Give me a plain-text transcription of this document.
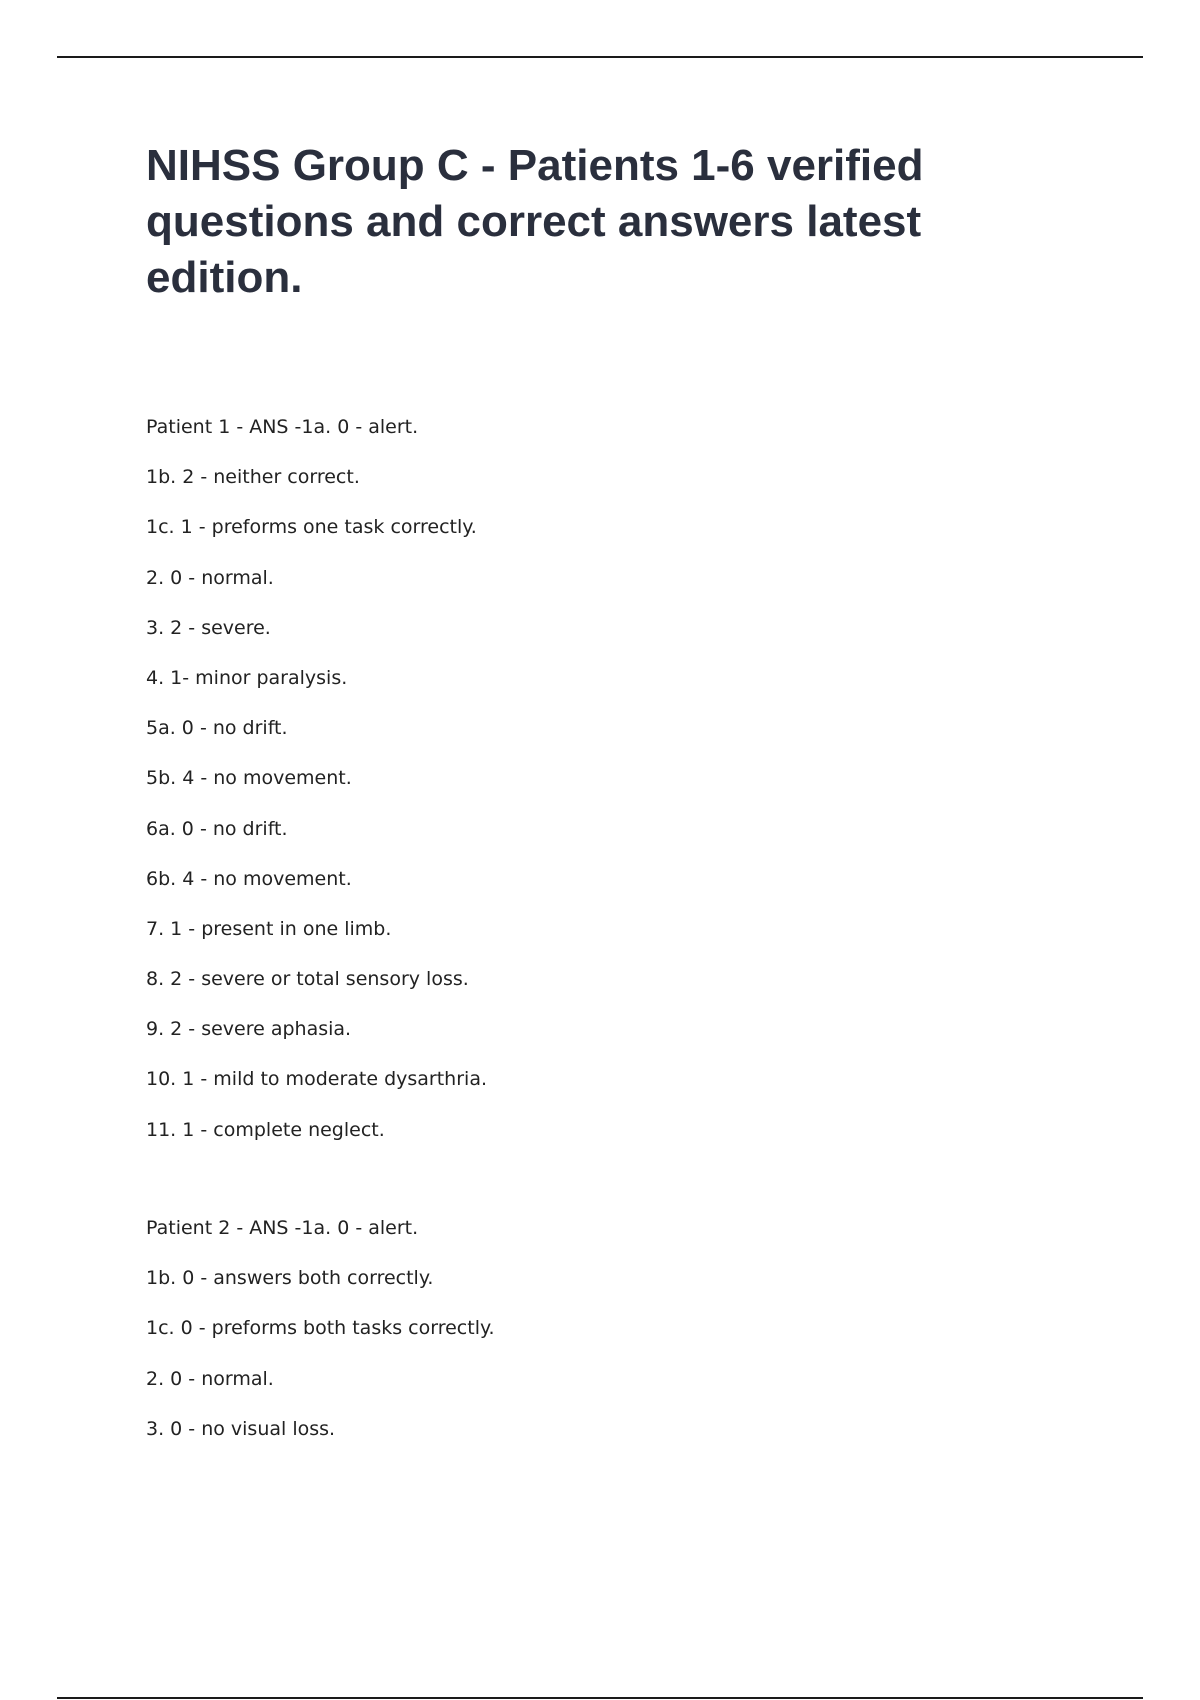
NIHSS Group C - Patients 1-6 verified questions and correct answers latest edition.
Patient 1 - ANS -1a. 0 - alert.
1b. 2 - neither correct.
1c. 1 - preforms one task correctly.
2. 0 - normal.
3. 2 - severe.
4. 1- minor paralysis.
5a. 0 - no drift.
5b. 4 - no movement.
6a. 0 - no drift.
6b. 4 - no movement.
7. 1 - present in one limb.
8. 2 - severe or total sensory loss.
9. 2 - severe aphasia.
10. 1 - mild to moderate dysarthria.
11. 1 - complete neglect.
Patient 2 - ANS -1a. 0 - alert.
1b. 0 - answers both correctly.
1c. 0 - preforms both tasks correctly.
2. 0 - normal.
3. 0 - no visual loss.
